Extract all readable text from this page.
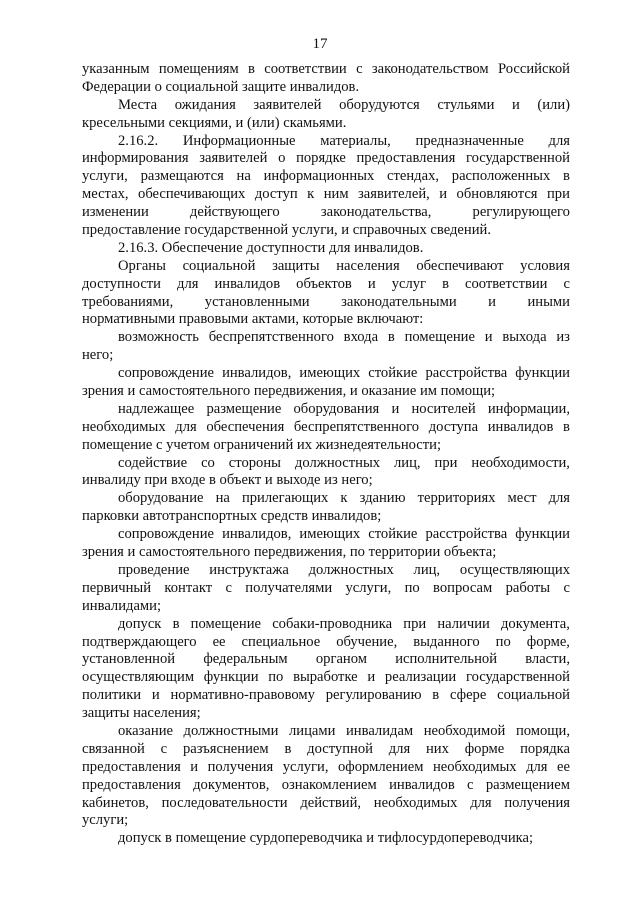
17
указанным помещениям в соответствии с законодательством Российской
Федерации о социальной защите инвалидов.
Места ожидания заявителей оборудуются стульями и (или)
кресельными секциями, и (или) скамьями.
2.16.2. Информационные материалы, предназначенные для
информирования заявителей о порядке предоставления государственной
услуги, размещаются на информационных стендах, расположенных в
местах, обеспечивающих доступ к ним заявителей, и обновляются при
изменении	действующего	законодательства,	регулирующего
предоставление государственной услуги, и справочных сведений.
2.16.3. Обеспечение доступности для инвалидов.
Органы социальной защиты населения обеспечивают условия
доступности для инвалидов объектов и услуг в соответствии с
требованиями, установленными законодательными и иными
нормативными правовыми актами, которые включают:
возможность беспрепятственного входа в помещение и выхода из
него;
сопровождение инвалидов, имеющих стойкие расстройства функции
зрения и самостоятельного передвижения, и оказание им помощи;
надлежащее размещение оборудования и носителей информации,
необходимых для обеспечения беспрепятственного доступа инвалидов в
помещение с учетом ограничений их жизнедеятельности;
содействие со стороны должностных лиц, при необходимости,
инвалиду при входе в объект и выходе из него;
оборудование на прилегающих к зданию территориях мест для
парковки автотранспортных средств инвалидов;
сопровождение инвалидов, имеющих стойкие расстройства функции
зрения и самостоятельного передвижения, по территории объекта;
проведение инструктажа должностных лиц, осуществляющих
первичный контакт с получателями услуги, по вопросам работы с
инвалидами;
допуск в помещение собаки-проводника при наличии документа,
подтверждающего ее специальное обучение, выданного по форме,
установленной федеральным органом исполнительной власти,
осуществляющим функции по выработке и реализации государственной
политики и нормативно-правовому регулированию в сфере социальной
защиты населения;
оказание должностными лицами инвалидам необходимой помощи,
связанной с разъяснением в доступной для них форме порядка
предоставления и получения услуги, оформлением необходимых для ее
предоставления документов, ознакомлением инвалидов с размещением
кабинетов, последовательности действий, необходимых для получения
услуги;
допуск в помещение сурдопереводчика и тифлосурдопереводчика;
